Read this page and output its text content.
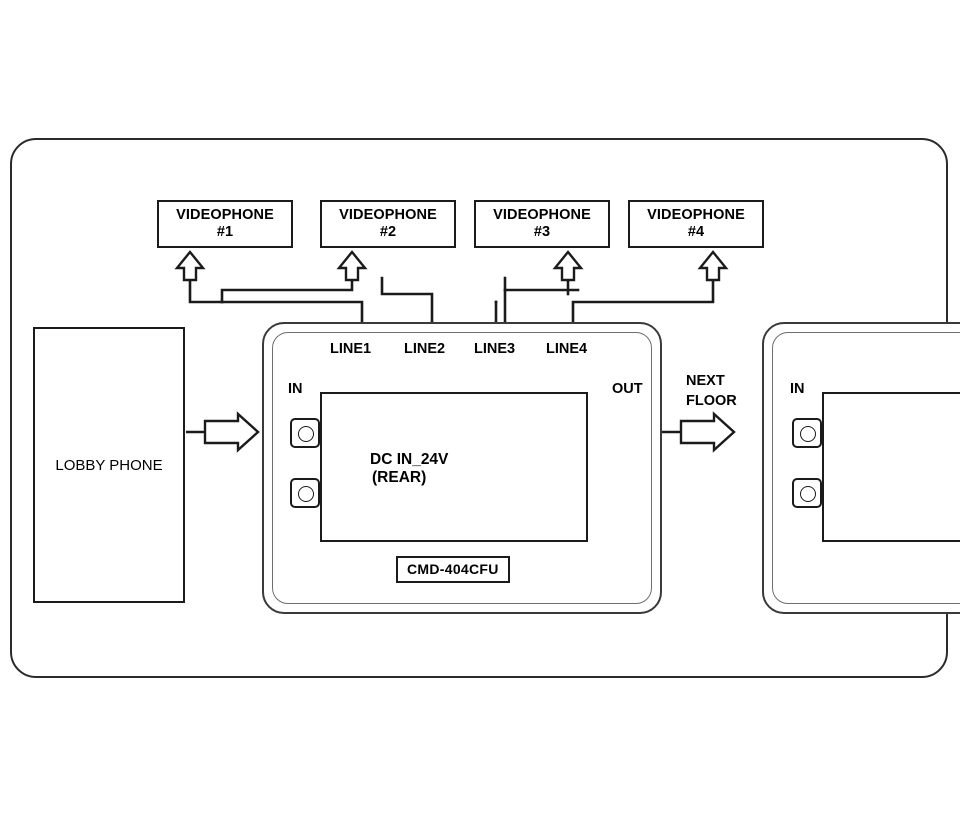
VIDEOPHONE
#1
VIDEOPHONE
#2
VIDEOPHONE
#3
VIDEOPHONE
#4
LOBBY PHONE
LINE1 LINE2 LINE3 LINE4
IN	OUT
DC IN_24V
(REAR)
CMD-404CFU
NEXT
FLOOR
IN
